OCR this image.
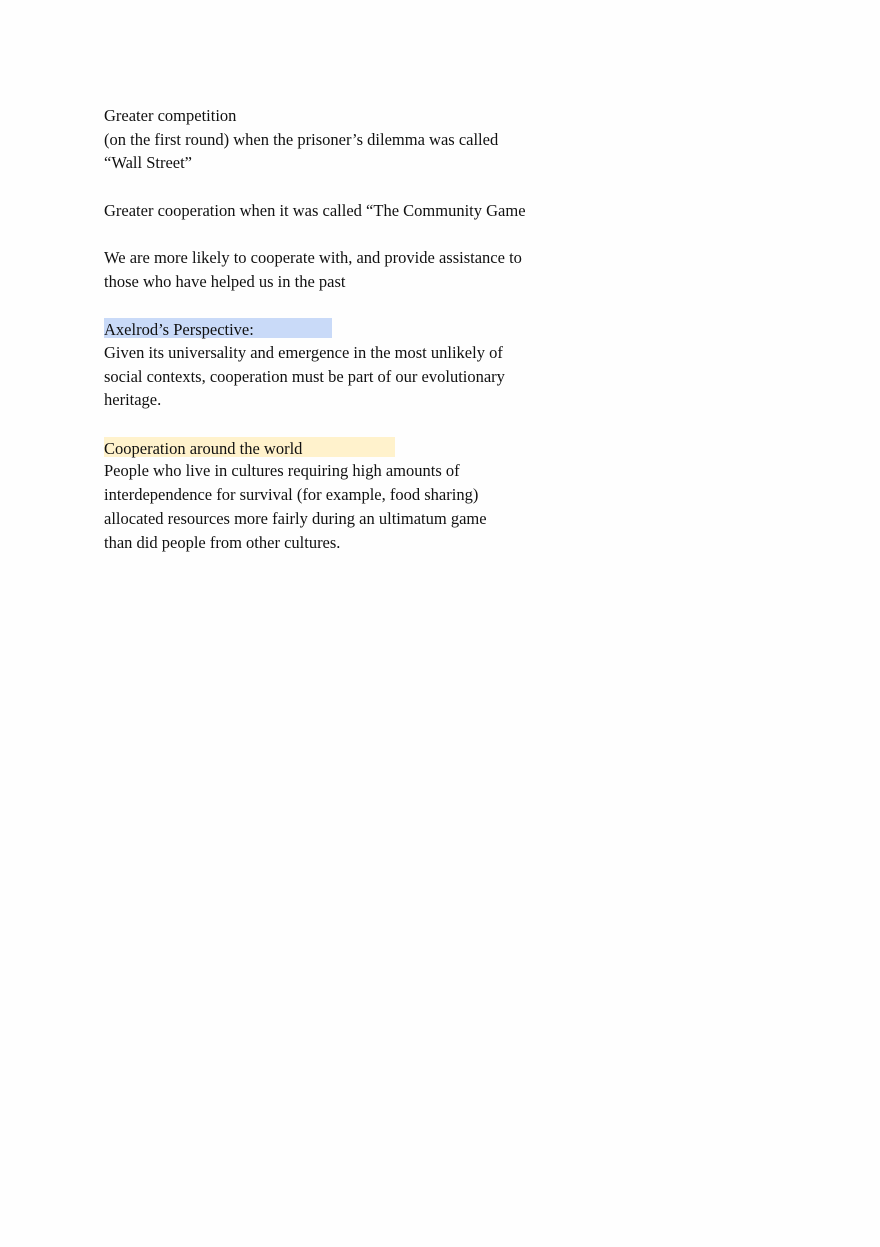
Greater competition
(on the first round) when the prisoner’s dilemma was called
“Wall Street”
Greater cooperation when it was called “The Community Game
We are more likely to cooperate with, and provide assistance to
those who have helped us in the past
Axelrod’s Perspective:
Given its universality and emergence in the most unlikely of
social contexts, cooperation must be part of our evolutionary
heritage.
Cooperation around the world
People who live in cultures requiring high amounts of
interdependence for survival (for example, food sharing)
allocated resources more fairly during an ultimatum game
than did people from other cultures.
